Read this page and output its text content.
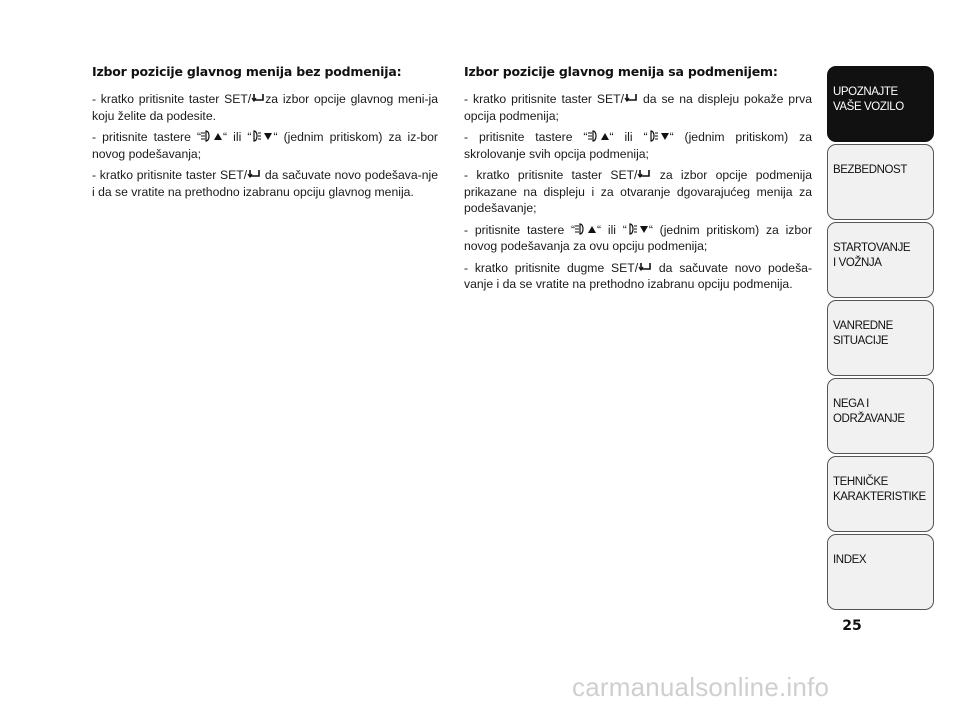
Izbor pozicije glavnog menija bez podmenija:

- kratko pritisnite taster SET/ za izbor opcije glavnog meni-ja koju želite da podesite.

- pritisnite tastere “ “ ili “ “ (jednim pritiskom) za iz-bor novog podešavanja;

- kratko pritisnite taster SET/ da sačuvate novo podešava-nje i da se vratite na prethodno izabranu opciju glavnog menija.

Izbor pozicije glavnog menija sa podmenijem:

- kratko pritisnite taster SET/ da se na displeju pokaže prva opcija podmenija;

- pritisnite tastere “ “ ili “ “ (jednim pritiskom) za skrolovanje svih opcija podmenija;

- kratko pritisnite taster SET/ za izbor opcije podmenija prikazane na displeju i za otvaranje dgovarajućeg menija za podešavanje;

- pritisnite tastere “ “ ili “ “ (jednim pritiskom) za izbor novog podešavanja za ovu opciju podmenija;

- kratko pritisnite dugme SET/ da sačuvate novo podeša-vanje i da se vratite na prethodno izabranu opciju podmenija.

UPOZNAJTE
VAŠE VOZILO
BEZBEDNOST
STARTOVANJE
I VOŽNJA
VANREDNE
SITUACIJE
NEGA I
ODRŽAVANJE
TEHNIČKE
KARAKTERISTIKE
INDEX
25
carmanualsonline.info
